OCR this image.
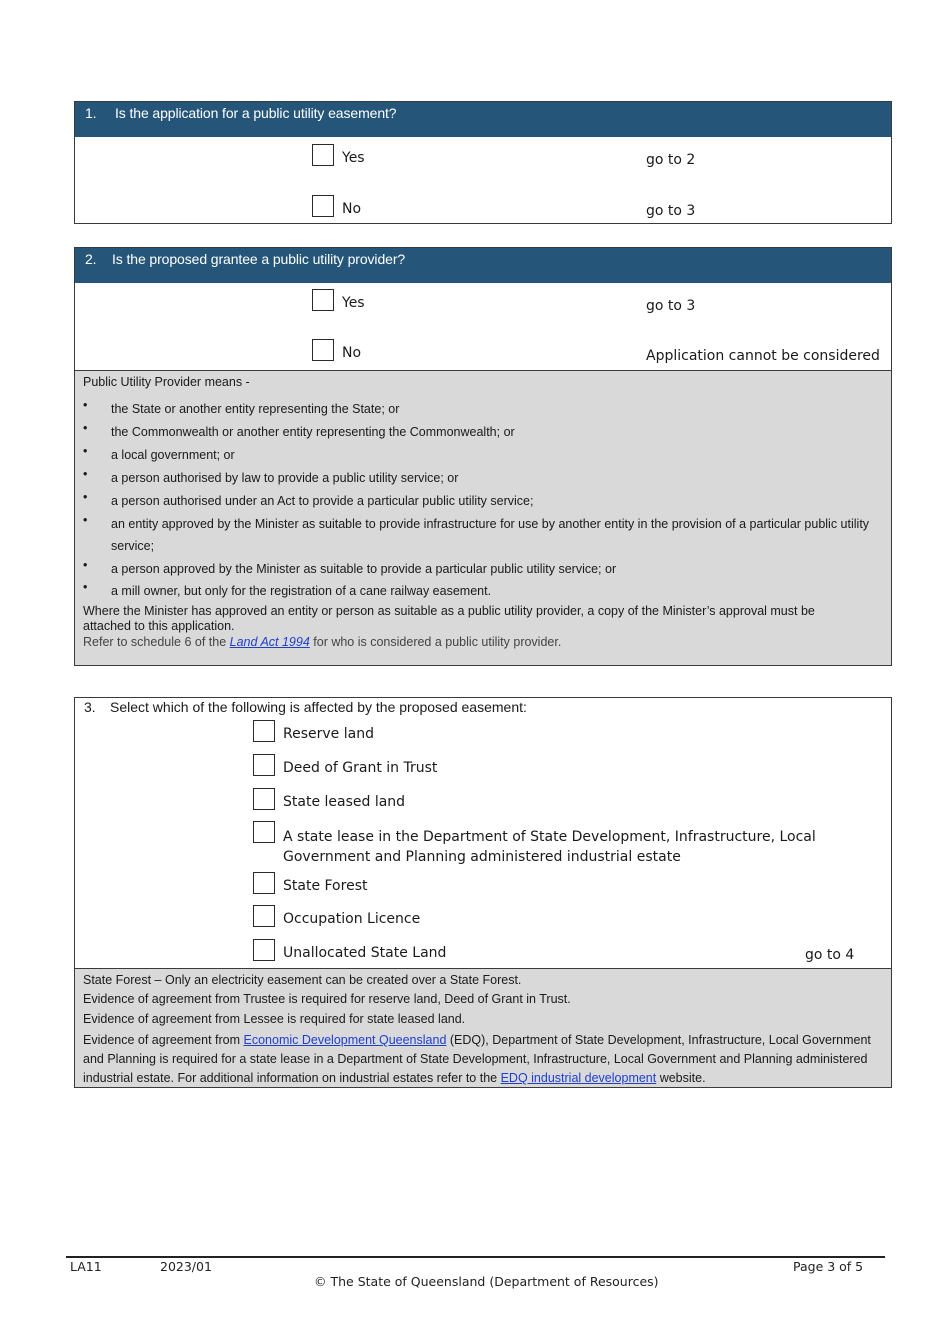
1.	Is the application for a public utility easement?
Yes	go to 2
No	go to 3
2.	Is the proposed grantee a public utility provider?
Yes	go to 3
No	Application cannot be considered
Public Utility Provider means -
•	the State or another entity representing the State; or
•	the Commonwealth or another entity representing the Commonwealth; or
•	a local government; or
•	a person authorised by law to provide a public utility service; or
•	a person authorised under an Act to provide a particular public utility service;
•	an entity approved by the Minister as suitable to provide infrastructure for use by another entity in the provision of a particular public utility service;
•	a person approved by the Minister as suitable to provide a particular public utility service; or
•	a mill owner, but only for the registration of a cane railway easement.
Where the Minister has approved an entity or person as suitable as a public utility provider, a copy of the Minister’s approval must be attached to this application.
Refer to schedule 6 of the Land Act 1994 for who is considered a public utility provider.
3. Select which of the following is affected by the proposed easement:
Reserve land
Deed of Grant in Trust
State leased land
A state lease in the Department of State Development, Infrastructure, Local Government and Planning administered industrial estate
State Forest
Occupation Licence
Unallocated State Land	go to 4
State Forest – Only an electricity easement can be created over a State Forest.
Evidence of agreement from Trustee is required for reserve land, Deed of Grant in Trust.
Evidence of agreement from Lessee is required for state leased land.
Evidence of agreement from Economic Development Queensland (EDQ), Department of State Development, Infrastructure, Local Government and Planning is required for a state lease in a Department of State Development, Infrastructure, Local Government and Planning administered industrial estate. For additional information on industrial estates refer to the EDQ industrial development website.
LA11	2023/01	Page 3 of 5
© The State of Queensland (Department of Resources)
